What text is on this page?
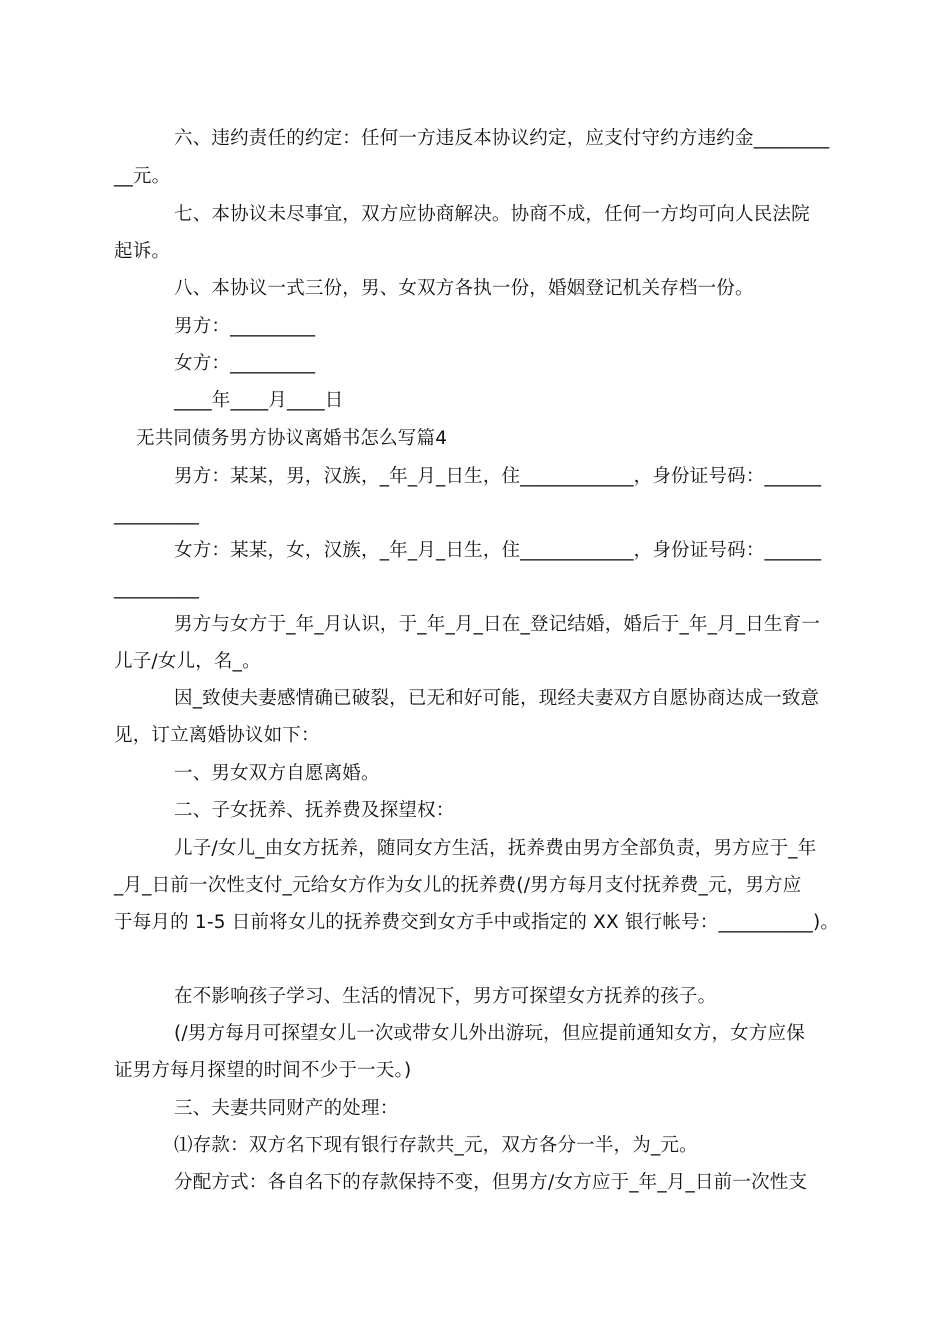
六、违约责任的约定：任何一方违反本协议约定，应支付守约方违约金________
__元。
七、本协议未尽事宜，双方应协商解决。协商不成，任何一方均可向人民法院
起诉。
八、本协议一式三份，男、女双方各执一份，婚姻登记机关存档一份。
男方：_________
女方：_________
____年____月____日
无共同债务男方协议离婚书怎么写篇4
男方：某某，男，汉族，_年_月_日生，住____________，身份证号码：______
_________
女方：某某，女，汉族，_年_月_日生，住____________，身份证号码：______
_________
男方与女方于_年_月认识，于_年_月_日在_登记结婚，婚后于_年_月_日生育一
儿子/女儿，名_。
因_致使夫妻感情确已破裂，已无和好可能，现经夫妻双方自愿协商达成一致意
见，订立离婚协议如下：
一、男女双方自愿离婚。
二、子女抚养、抚养费及探望权：
儿子/女儿_由女方抚养，随同女方生活，抚养费由男方全部负责，男方应于_年
_月_日前一次性支付_元给女方作为女儿的抚养费(/男方每月支付抚养费_元，男方应
于每月的 1-5 日前将女儿的抚养费交到女方手中或指定的 XX 银行帐号：__________)。
在不影响孩子学习、生活的情况下，男方可探望女方抚养的孩子。
(/男方每月可探望女儿一次或带女儿外出游玩，但应提前通知女方，女方应保
证男方每月探望的时间不少于一天。)
三、夫妻共同财产的处理：
⑴存款：双方名下现有银行存款共_元，双方各分一半，为_元。
分配方式：各自名下的存款保持不变，但男方/女方应于_年_月_日前一次性支
